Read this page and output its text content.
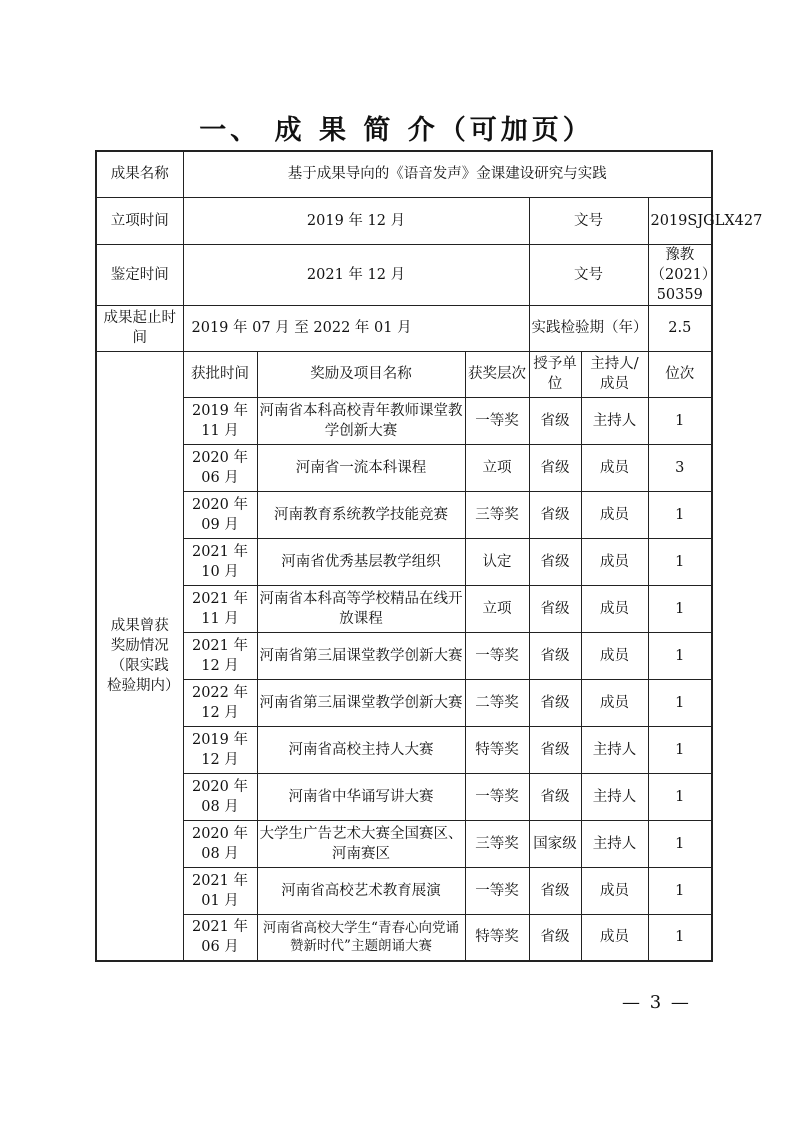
一、 成 果 简 介（可加页）
成果名称	基于成果导向的《语音发声》金课建设研究与实践					
立项时间	2019 年 12 月			文号		2019SJGLX427
鉴定时间	2021 年 12 月			文号		豫教（2021）50359
成果起止时间	2019 年 07 月 至 2022 年 01 月			实践检验期（年）		2.5
成果曾获奖励情况（限实践检验期内）	获批时间	奖励及项目名称	获奖层次	授予单位	主持人/成员	位次
	2019 年 11 月	河南省本科高校青年教师课堂教学创新大赛	一等奖	省级	主持人	1
	2020 年 06 月	河南省一流本科课程	立项	省级	成员	3
	2020 年 09 月	河南教育系统教学技能竞赛	三等奖	省级	成员	1
	2021 年 10 月	河南省优秀基层教学组织	认定	省级	成员	1
	2021 年 11 月	河南省本科高等学校精品在线开放课程	立项	省级	成员	1
	2021 年 12 月	河南省第三届课堂教学创新大赛	一等奖	省级	成员	1
	2022 年 12 月	河南省第三届课堂教学创新大赛	二等奖	省级	成员	1
	2019 年 12 月	河南省高校主持人大赛	特等奖	省级	主持人	1
	2020 年 08 月	河南省中华诵写讲大赛	一等奖	省级	主持人	1
	2020 年 08 月	大学生广告艺术大赛全国赛区、河南赛区	三等奖	国家级	主持人	1
	2021 年 01 月	河南省高校艺术教育展演	一等奖	省级	成员	1
	2021 年 06 月	河南省高校大学生“青春心向党诵赞新时代”主题朗诵大赛	特等奖	省级	成员	1
— 3 —
